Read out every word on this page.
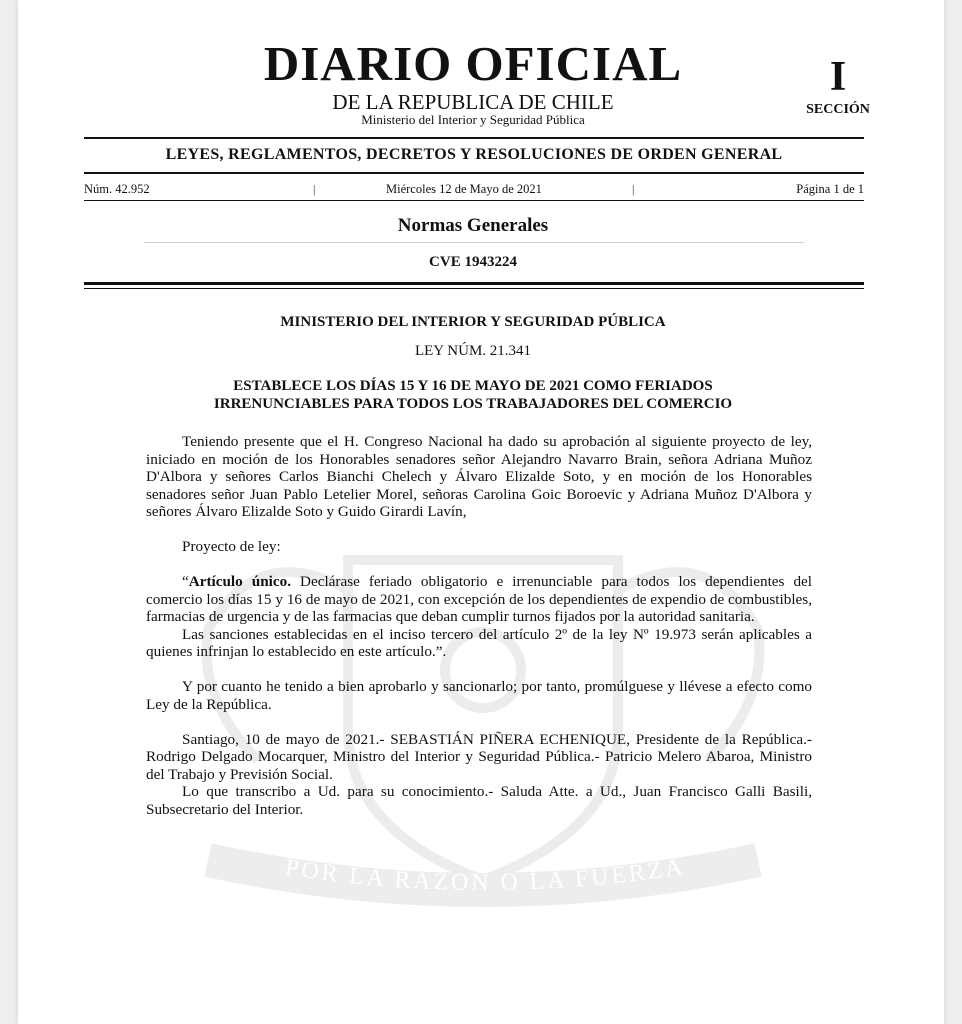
POR LA RAZON O LA FUERZA
DIARIO OFICIAL
DE LA REPUBLICA DE CHILE
Ministerio del Interior y Seguridad Pública
I
SECCIÓN
LEYES, REGLAMENTOS, DECRETOS Y RESOLUCIONES DE ORDEN GENERAL
Núm. 42.952	|	Miércoles 12 de Mayo de 2021	|	Página 1 de 1
Normas Generales
CVE 1943224
MINISTERIO DEL INTERIOR Y SEGURIDAD PÚBLICA
LEY NÚM. 21.341
ESTABLECE LOS DÍAS 15 Y 16 DE MAYO DE 2021 COMO FERIADOS
IRRENUNCIABLES PARA TODOS LOS TRABAJADORES DEL COMERCIO

Teniendo presente que el H. Congreso Nacional ha dado su aprobación al siguiente proyecto de ley, iniciado en moción de los Honorables senadores señor Alejandro Navarro Brain, señora Adriana Muñoz D'Albora y señores Carlos Bianchi Chelech y Álvaro Elizalde Soto, y en moción de los Honorables senadores señor Juan Pablo Letelier Morel, señoras Carolina Goic Boroevic y Adriana Muñoz D'Albora y señores Álvaro Elizalde Soto y Guido Girardi Lavín,

Proyecto de ley:

“Artículo único. Declárase feriado obligatorio e irrenunciable para todos los dependientes del comercio los días 15 y 16 de mayo de 2021, con excepción de los dependientes de expendio de combustibles, farmacias de urgencia y de las farmacias que deban cumplir turnos fijados por la autoridad sanitaria.

Las sanciones establecidas en el inciso tercero del artículo 2º de la ley Nº 19.973 serán aplicables a quienes infrinjan lo establecido en este artículo.”.

Y por cuanto he tenido a bien aprobarlo y sancionarlo; por tanto, promúlguese y llévese a efecto como Ley de la República.

Santiago, 10 de mayo de 2021.- SEBASTIÁN PIÑERA ECHENIQUE, Presidente de la República.- Rodrigo Delgado Mocarquer, Ministro del Interior y Seguridad Pública.- Patricio Melero Abaroa, Ministro del Trabajo y Previsión Social.

Lo que transcribo a Ud. para su conocimiento.- Saluda Atte. a Ud., Juan Francisco Galli Basili, Subsecretario del Interior.
